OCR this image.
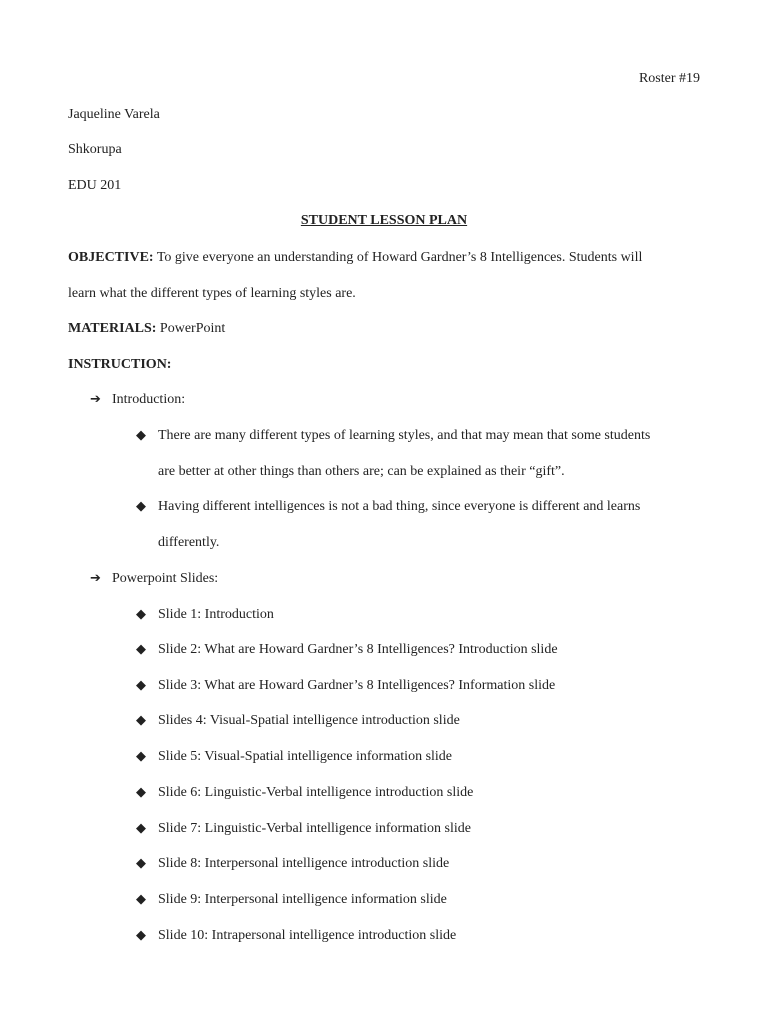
Roster #19
Jaqueline Varela
Shkorupa
EDU 201
STUDENT LESSON PLAN
OBJECTIVE: To give everyone an understanding of Howard Gardner’s 8 Intelligences. Students will
learn what the different types of learning styles are.
MATERIALS: PowerPoint
INSTRUCTION:
➔ Introduction:
◆ There are many different types of learning styles, and that may mean that some students
are better at other things than others are; can be explained as their “gift”.
◆ Having different intelligences is not a bad thing, since everyone is different and learns
differently.
➔ Powerpoint Slides:
◆ Slide 1: Introduction
◆ Slide 2: What are Howard Gardner’s 8 Intelligences? Introduction slide
◆ Slide 3: What are Howard Gardner’s 8 Intelligences? Information slide
◆ Slides 4: Visual-Spatial intelligence introduction slide
◆ Slide 5: Visual-Spatial intelligence information slide
◆ Slide 6: Linguistic-Verbal intelligence introduction slide
◆ Slide 7: Linguistic-Verbal intelligence information slide
◆ Slide 8: Interpersonal intelligence introduction slide
◆ Slide 9: Interpersonal intelligence information slide
◆ Slide 10: Intrapersonal intelligence introduction slide
